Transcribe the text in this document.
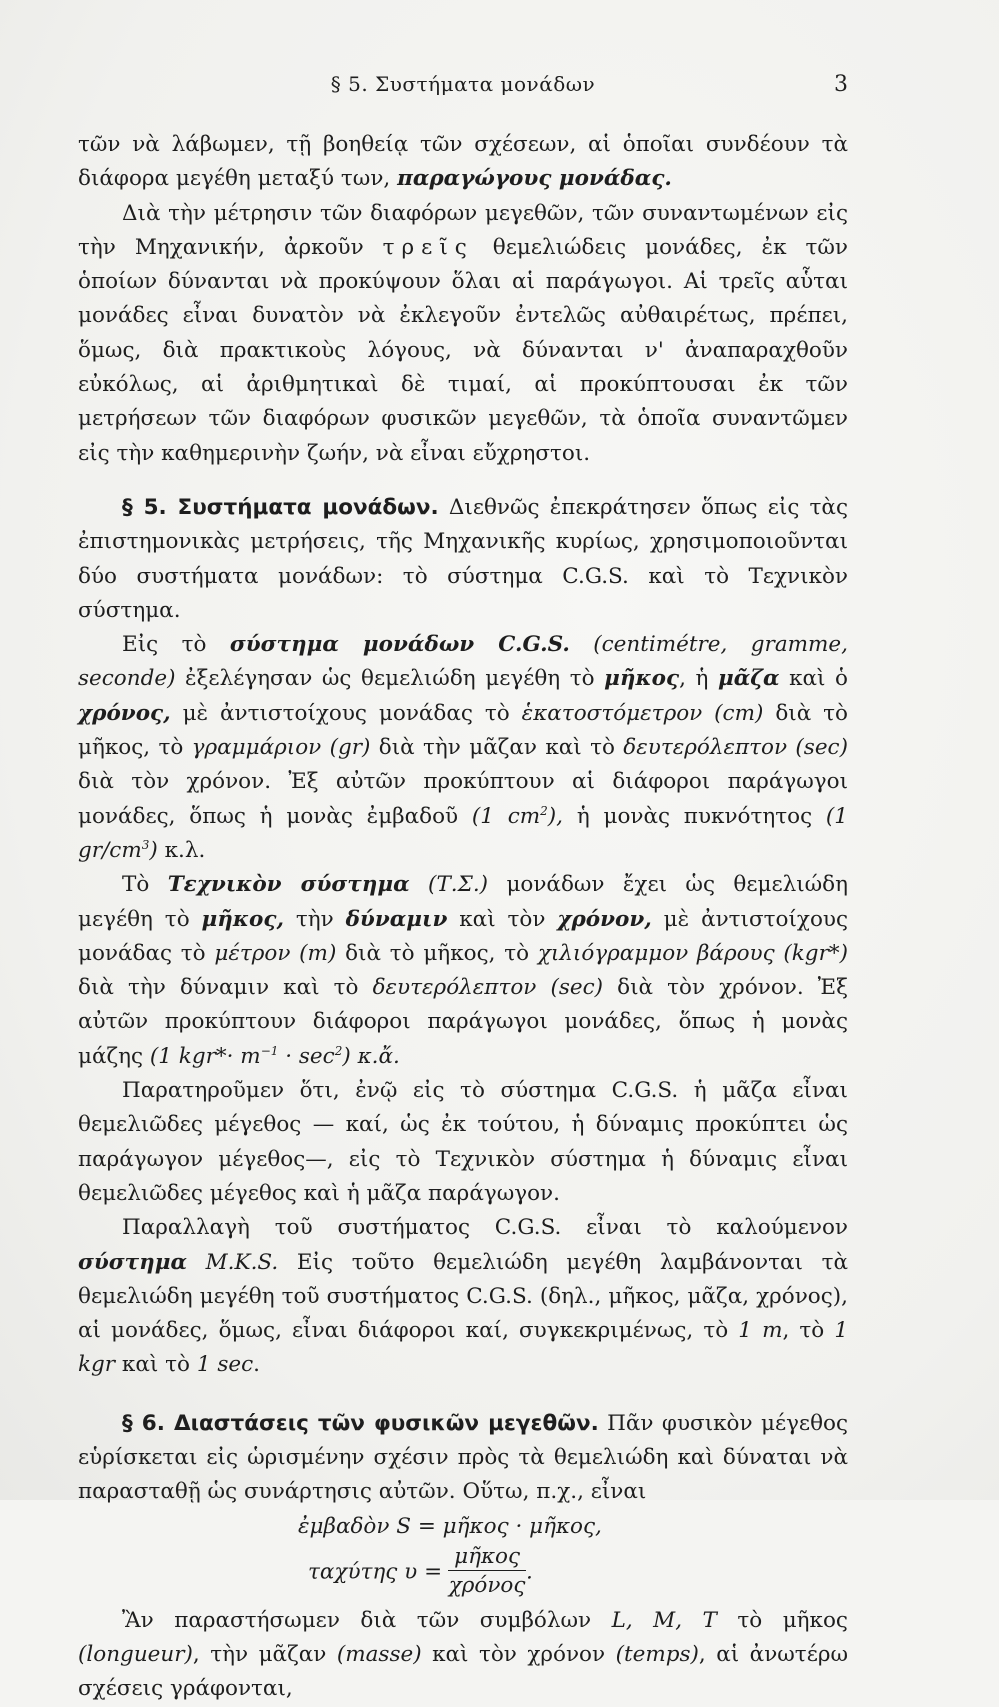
§ 5. Συστήματα μονάδων	3

τῶν νὰ λάβωμεν, τῇ βοηθείᾳ τῶν σχέσεων, αἱ ὁποῖαι συνδέουν τὰ διάφορα μεγέθη μεταξύ των, παραγώγους μονάδας.

Διὰ τὴν μέτρησιν τῶν διαφόρων μεγεθῶν, τῶν συναντωμένων εἰς τὴν Μηχανικήν, ἀρκοῦν τρεῖς θεμελιώδεις μονάδες, ἐκ τῶν ὁποίων δύνανται νὰ προκύψουν ὅλαι αἱ παράγωγοι. Αἱ τρεῖς αὗται μονάδες εἶναι δυνατὸν νὰ ἐκλεγοῦν ἐντελῶς αὐθαιρέτως, πρέπει, ὅμως, διὰ πρακτικοὺς λόγους, νὰ δύνανται ν' ἀναπαραχθοῦν εὐκόλως, αἱ ἀριθμητικαὶ δὲ τιμαί, αἱ προκύπτουσαι ἐκ τῶν μετρήσεων τῶν διαφόρων φυσικῶν μεγεθῶν, τὰ ὁποῖα συναντῶμεν εἰς τὴν καθημερινὴν ζωήν, νὰ εἶναι εὔχρηστοι.

§ 5. Συστήματα μονάδων. Διεθνῶς ἐπεκράτησεν ὅπως εἰς τὰς ἐπιστημονικὰς μετρήσεις, τῆς Μηχανικῆς κυρίως, χρησιμοποιοῦνται δύο συστήματα μονάδων: τὸ σύστημα C.G.S. καὶ τὸ Τεχνικὸν σύστημα.

Εἰς τὸ σύστημα μονάδων C.G.S. (centimétre, gramme, seconde) ἐξελέγησαν ὡς θεμελιώδη μεγέθη τὸ μῆκος, ἡ μᾶζα καὶ ὁ χρόνος, μὲ ἀντιστοίχους μονάδας τὸ ἑκατοστόμετρον (cm) διὰ τὸ μῆκος, τὸ γραμμάριον (gr) διὰ τὴν μᾶζαν καὶ τὸ δευτερόλεπτον (sec) διὰ τὸν χρόνον. Ἐξ αὐτῶν προκύπτουν αἱ διάφοροι παράγωγοι μονάδες, ὅπως ἡ μονὰς ἐμβαδοῦ (1 $cm^2$), ἡ μονὰς πυκνότητος (1 $gr/cm^3$) κ.λ.

Τὸ Τεχνικὸν σύστημα (Τ.Σ.) μονάδων ἔχει ὡς θεμελιώδη μεγέθη τὸ μῆκος, τὴν δύναμιν καὶ τὸν χρόνον, μὲ ἀντιστοίχους μονάδας τὸ μέτρον (m) διὰ τὸ μῆκος, τὸ χιλιόγραμμον βάρους (kgr*) διὰ τὴν δύναμιν καὶ τὸ δευτερόλεπτον (sec) διὰ τὸν χρόνον. Ἐξ αὐτῶν προκύπτουν διάφοροι παράγωγοι μονάδες, ὅπως ἡ μονὰς μάζης (1 $kgr*\cdot m^{-1} \cdot \sec^2$) κ.ἄ.

Παρατηροῦμεν ὅτι, ἐνῷ εἰς τὸ σύστημα C.G.S. ἡ μᾶζα εἶναι θεμελιῶδες μέγεθος — καί, ὡς ἐκ τούτου, ἡ δύναμις προκύπτει ὡς παράγωγον μέγεθος—, εἰς τὸ Τεχνικὸν σύστημα ἡ δύναμις εἶναι θεμελιῶδες μέγεθος καὶ ἡ μᾶζα παράγωγον.

Παραλλαγὴ τοῦ συστήματος C.G.S. εἶναι τὸ καλούμενον σύστημα M.K.S. Εἰς τοῦτο θεμελιώδη μεγέθη λαμβάνονται τὰ θεμελιώδη μεγέθη τοῦ συστήματος C.G.S. (δηλ., μῆκος, μᾶζα, χρόνος), αἱ μονάδες, ὅμως, εἶναι διάφοροι καί, συγκεκριμένως, τὸ 1 m, τὸ 1 kgr καὶ τὸ 1 sec.

§ 6. Διαστάσεις τῶν φυσικῶν μεγεθῶν. Πᾶν φυσικὸν μέγεθος εὑρίσκεται εἰς ὡρισμένην σχέσιν πρὸς τὰ θεμελιώδη καὶ δύναται νὰ παρασταθῇ ὡς συνάρτησις αὐτῶν. Οὕτω, π.χ., εἶναι

ἐμβαδὸν S = μῆκος · μῆκος,

ταχύτης $\upsilon = \frac{\text{μῆκος}}{\text{χρόνος}}$ .

Ἂν παραστήσωμεν διὰ τῶν συμβόλων L, M, T τὸ μῆκος (longueur), τὴν μᾶζαν (masse) καὶ τὸν χρόνον (temps), αἱ ἀνωτέρω σχέσεις γράφονται,
